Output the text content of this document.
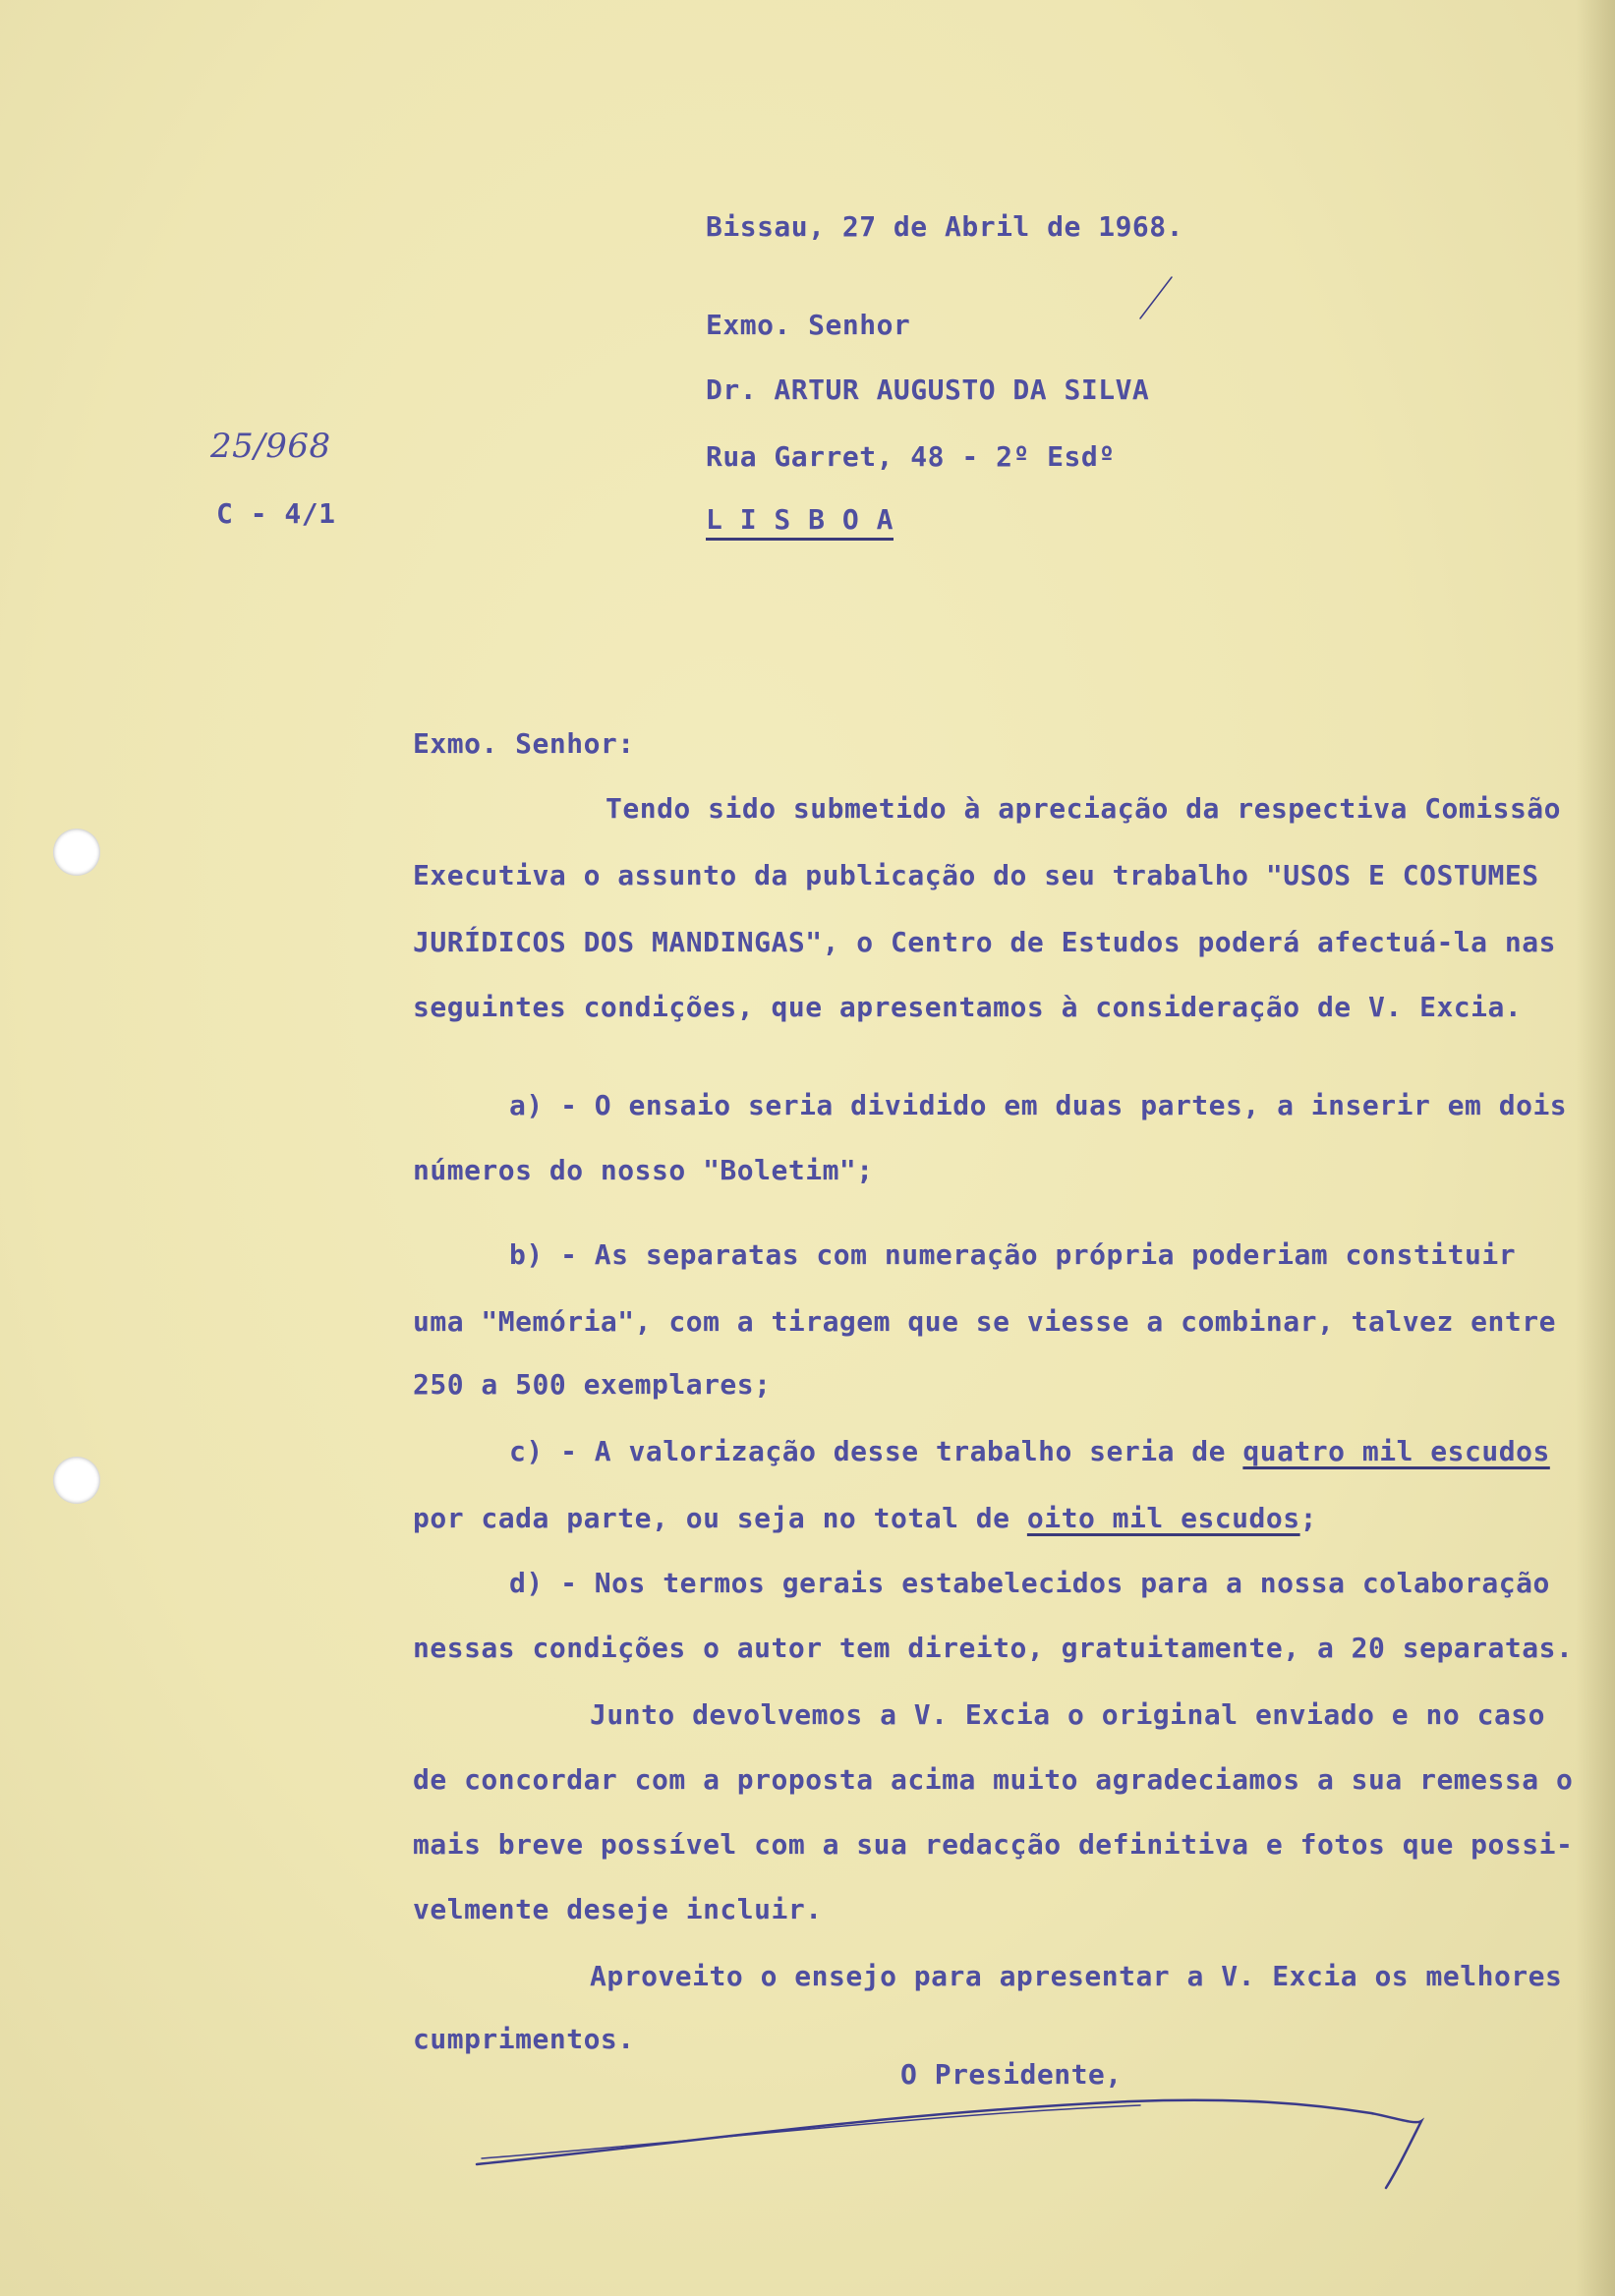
Bissau, 27 de Abril de 1968.
Exmo. Senhor
Dr. ARTUR AUGUSTO DA SILVA
Rua Garret, 48 - 2º Esdº
L I S B O A
25/968
C - 4/1
Exmo. Senhor:
Tendo sido submetido à apreciação da respectiva Comissão
Executiva o assunto da publicação do seu trabalho "USOS E COSTUMES
JURÍDICOS DOS MANDINGAS", o Centro de Estudos poderá afectuá-la nas
seguintes condições, que apresentamos à consideração de V. Excia.
a) - O ensaio seria dividido em duas partes, a inserir em dois
números do nosso "Boletim";
b) - As separatas com numeração própria poderiam constituir
uma "Memória", com a tiragem que se viesse a combinar, talvez entre
250 a 500 exemplares;
c) - A valorização desse trabalho seria de quatro mil escudos
por cada parte, ou seja no total de oito mil escudos;
d) - Nos termos gerais estabelecidos para a nossa colaboração
nessas condições o autor tem direito, gratuitamente, a 20 separatas.
Junto devolvemos a V. Excia o original enviado e no caso
de concordar com a proposta acima muito agradeciamos a sua remessa o
mais breve possível com a sua redacção definitiva e fotos que possi-
velmente deseje incluir.
Aproveito o ensejo para apresentar a V. Excia os melhores
cumprimentos.
O Presidente,
